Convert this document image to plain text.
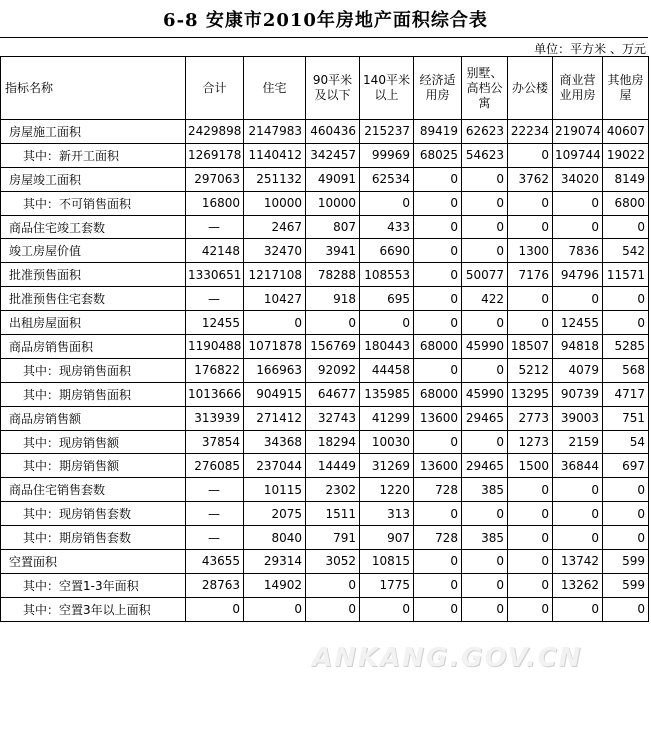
6-8 安康市2010年房地产面积综合表
单位：平方米 、万元
指标名称	合计	住宅	90平米及以下	140平米以上	经济适用房	别墅、高档公寓	办公楼	商业营业用房	其他房屋
房屋施工面积	2429898	2147983	460436	215237	89419	62623	22234	219074	40607
其中：新开工面积	1269178	1140412	342457	99969	68025	54623	0	109744	19022
房屋竣工面积	297063	251132	49091	62534	0	0	3762	34020	8149
其中：不可销售面积	16800	10000	10000	0	0	0	0	0	6800
商品住宅竣工套数	—	2467	807	433	0	0	0	0	0
竣工房屋价值	42148	32470	3941	6690	0	0	1300	7836	542
批准预售面积	1330651	1217108	78288	108553	0	50077	7176	94796	11571
批准预售住宅套数	—	10427	918	695	0	422	0	0	0
出租房屋面积	12455	0	0	0	0	0	0	12455	0
商品房销售面积	1190488	1071878	156769	180443	68000	45990	18507	94818	5285
其中：现房销售面积	176822	166963	92092	44458	0	0	5212	4079	568
其中：期房销售面积	1013666	904915	64677	135985	68000	45990	13295	90739	4717
商品房销售额	313939	271412	32743	41299	13600	29465	2773	39003	751
其中：现房销售额	37854	34368	18294	10030	0	0	1273	2159	54
其中：期房销售额	276085	237044	14449	31269	13600	29465	1500	36844	697
商品住宅销售套数	—	10115	2302	1220	728	385	0	0	0
其中：现房销售套数	—	2075	1511	313	0	0	0	0	0
其中：期房销售套数	—	8040	791	907	728	385	0	0	0
空置面积	43655	29314	3052	10815	0	0	0	13742	599
其中：空置1-3年面积	28763	14902	0	1775	0	0	0	13262	599
其中：空置3年以上面积	0	0	0	0	0	0	0	0	0
ANKANG.GOV.CN
